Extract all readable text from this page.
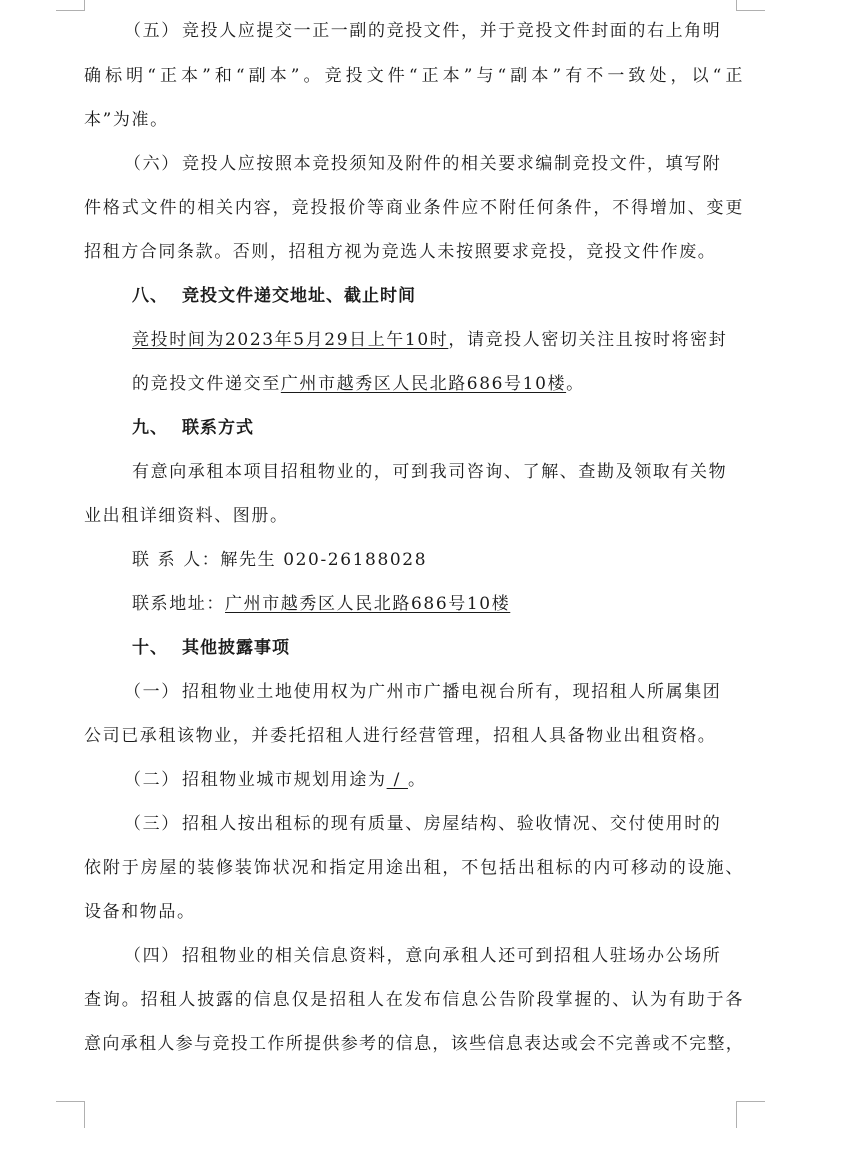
（五） 竞投人应提交一正一副的竞投文件，并于竞投文件封面的右上角明
确标明“正本”和“副本”。竞投文件“正本”与“副本”有不一致处，以“正
本”为准。
（六） 竞投人应按照本竞投须知及附件的相关要求编制竞投文件，填写附
件格式文件的相关内容，竞投报价等商业条件应不附任何条件，不得增加、变更
招租方合同条款。否则，招租方视为竞选人未按照要求竞投，竞投文件作废。
八、 竞投文件递交地址、截止时间
竞投时间为2023年5月29日上午10时，请竞投人密切关注且按时将密封
的竞投文件递交至广州市越秀区人民北路686号10楼。
九、 联系方式
有意向承租本项目招租物业的，可到我司咨询、了解、查勘及领取有关物
业出租详细资料、图册。
联 系 人：解先生 020-26188028
联系地址：广州市越秀区人民北路686号10楼
十、 其他披露事项
（一） 招租物业土地使用权为广州市广播电视台所有，现招租人所属集团
公司已承租该物业，并委托招租人进行经营管理，招租人具备物业出租资格。
（二） 招租物业城市规划用途为 / 。
（三） 招租人按出租标的现有质量、房屋结构、验收情况、交付使用时的
依附于房屋的装修装饰状况和指定用途出租，不包括出租标的内可移动的设施、
设备和物品。
（四） 招租物业的相关信息资料，意向承租人还可到招租人驻场办公场所
查询。招租人披露的信息仅是招租人在发布信息公告阶段掌握的、认为有助于各
意向承租人参与竞投工作所提供参考的信息，该些信息表达或会不完善或不完整，
